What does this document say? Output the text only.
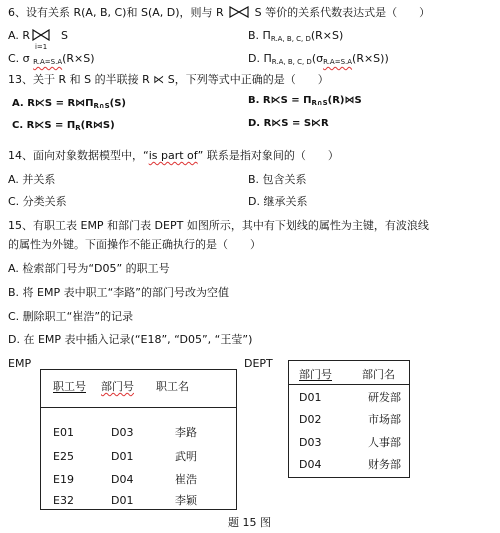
6、设有关系 R(A, B, C)和 S(A, D)，则与 R	S 等价的关系代数表达式是（　　）
A. R
i=1
S	B. $\Pi_{R.A, B, C, D}(R\times S)$
C. σ $_{R.A=S.A}$(R×S)	D. $\Pi_{R.A, B, C, D}(\sigma_{R.A=S.A}(R\times S))$
13、关于 R 和 S 的半联接 R ⋉ S，下列等式中正确的是（　　）
A. R⋉S = $R⋈\Pi_{R\cap S}(S)$	B. R⋉S = $\Pi_{R\cap S}(R)⋈S$
C. R⋉S = $\Pi_R(R⋈S)$	D. R⋉S = S⋉R
14、面向对象数据模型中，“is part of” 联系是指对象间的（　　）
A. 并关系	B. 包含关系
C. 分类关系	D. 继承关系
15、有职工表 EMP 和部门表 DEPT 如图所示，其中有下划线的属性为主键，有波浪线
的属性为外键。下面操作不能正确执行的是（　　）
A. 检索部门号为“D05” 的职工号
B. 将 EMP 表中职工“李路”的部门号改为空值
C. 删除职工“崔浩”的记录
D. 在 EMP 表中插入记录(“E18”, “D05”, “王莹”)
EMP
职工号 部门号 职工名
E01	D03	李路
E25	D01	武明
E19	D04	崔浩
E32	D01	李颖
DEPT
部门号	部门名
D01	研发部
D02	市场部
D03	人事部
D04	财务部
题 15 图
